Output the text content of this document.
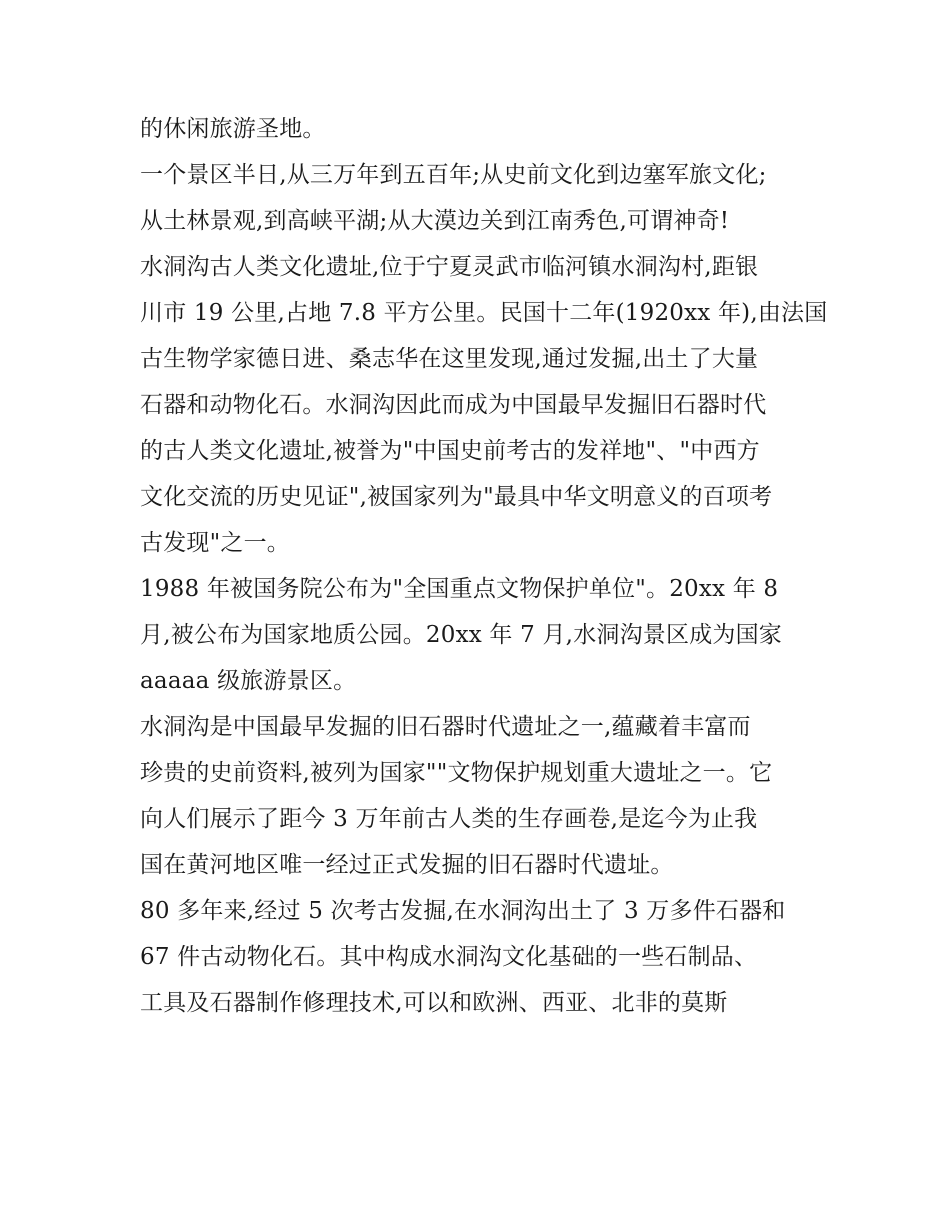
的休闲旅游圣地。
一个景区半日,从三万年到五百年;从史前文化到边塞军旅文化;
从土林景观,到高峡平湖;从大漠边关到江南秀色,可谓神奇!
水洞沟古人类文化遗址,位于宁夏灵武市临河镇水洞沟村,距银
川市 19 公里,占地 7.8 平方公里。民国十二年(1920xx 年),由法国
古生物学家德日进、桑志华在这里发现,通过发掘,出土了大量
石器和动物化石。水洞沟因此而成为中国最早发掘旧石器时代
的古人类文化遗址,被誉为"中国史前考古的发祥地"、"中西方
文化交流的历史见证",被国家列为"最具中华文明意义的百项考
古发现"之一。
1988 年被国务院公布为"全国重点文物保护单位"。20xx 年 8
月,被公布为国家地质公园。20xx 年 7 月,水洞沟景区成为国家
aaaaa 级旅游景区。
水洞沟是中国最早发掘的旧石器时代遗址之一,蕴藏着丰富而
珍贵的史前资料,被列为国家""文物保护规划重大遗址之一。它
向人们展示了距今 3 万年前古人类的生存画卷,是迄今为止我
国在黄河地区唯一经过正式发掘的旧石器时代遗址。
80 多年来,经过 5 次考古发掘,在水洞沟出土了 3 万多件石器和
67 件古动物化石。其中构成水洞沟文化基础的一些石制品、
工具及石器制作修理技术,可以和欧洲、西亚、北非的莫斯
